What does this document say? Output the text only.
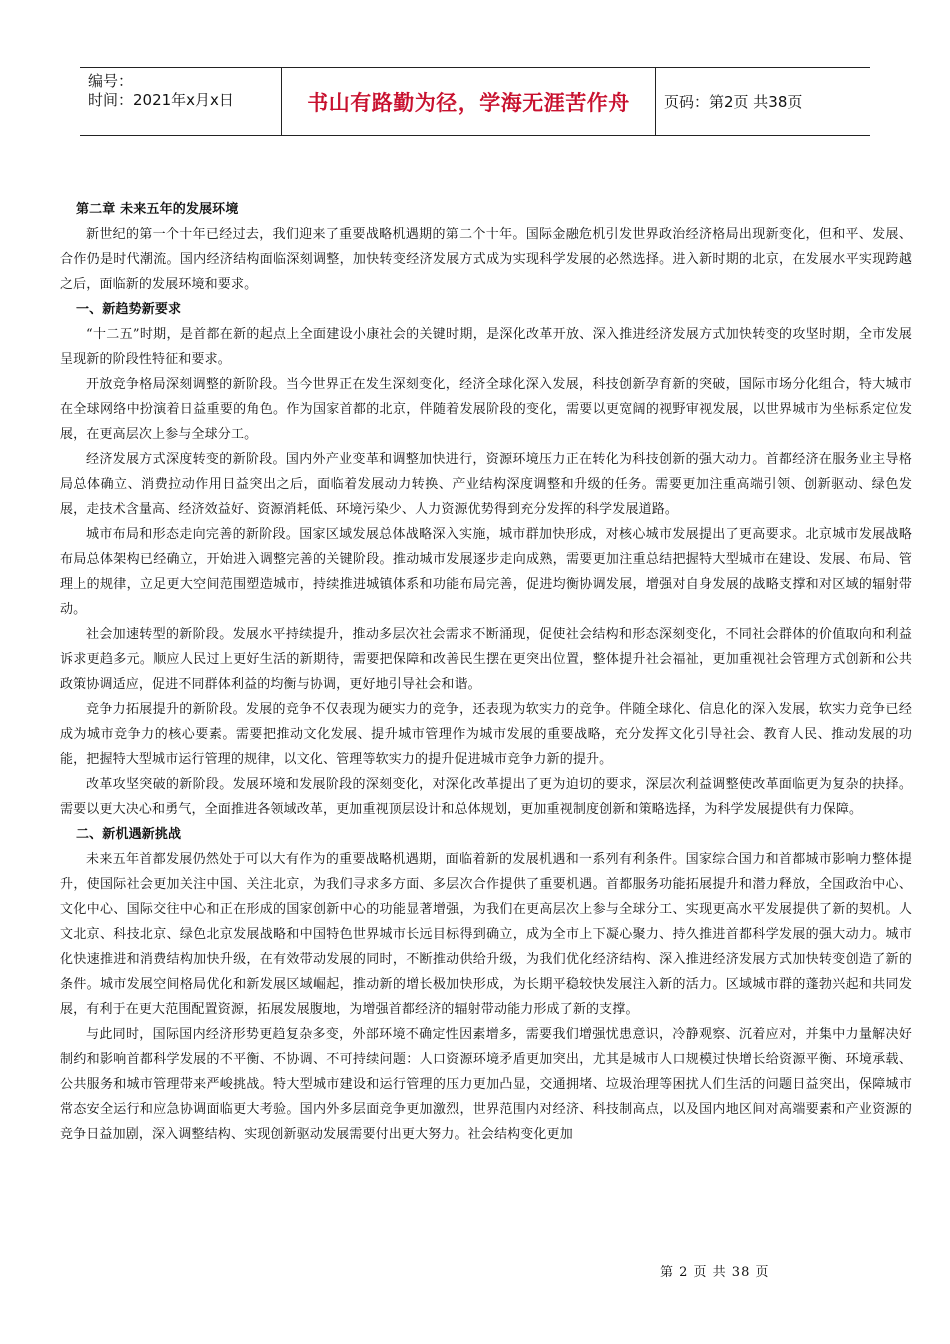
编号：
时间：2021年x月x日	书山有路勤为径，学海无涯苦作舟 页码：第2页 共38页

第二章 未来五年的发展环境

新世纪的第一个十年已经过去，我们迎来了重要战略机遇期的第二个十年。国际金融危机引发世界政治经济格局出现新变化，但和平、发展、合作仍是时代潮流。国内经济结构面临深刻调整，加快转变经济发展方式成为实现科学发展的必然选择。进入新时期的北京，在发展水平实现跨越之后，面临新的发展环境和要求。

一、新趋势新要求

“十二五”时期，是首都在新的起点上全面建设小康社会的关键时期，是深化改革开放、深入推进经济发展方式加快转变的攻坚时期，全市发展呈现新的阶段性特征和要求。

开放竞争格局深刻调整的新阶段。当今世界正在发生深刻变化，经济全球化深入发展，科技创新孕育新的突破，国际市场分化组合，特大城市在全球网络中扮演着日益重要的角色。作为国家首都的北京，伴随着发展阶段的变化，需要以更宽阔的视野审视发展，以世界城市为坐标系定位发展，在更高层次上参与全球分工。

经济发展方式深度转变的新阶段。国内外产业变革和调整加快进行，资源环境压力正在转化为科技创新的强大动力。首都经济在服务业主导格局总体确立、消费拉动作用日益突出之后，面临着发展动力转换、产业结构深度调整和升级的任务。需要更加注重高端引领、创新驱动、绿色发展，走技术含量高、经济效益好、资源消耗低、环境污染少、人力资源优势得到充分发挥的科学发展道路。

城市布局和形态走向完善的新阶段。国家区域发展总体战略深入实施，城市群加快形成，对核心城市发展提出了更高要求。北京城市发展战略布局总体架构已经确立，开始进入调整完善的关键阶段。推动城市发展逐步走向成熟，需要更加注重总结把握特大型城市在建设、发展、布局、管理上的规律，立足更大空间范围塑造城市，持续推进城镇体系和功能布局完善，促进均衡协调发展，增强对自身发展的战略支撑和对区域的辐射带动。

社会加速转型的新阶段。发展水平持续提升，推动多层次社会需求不断涌现，促使社会结构和形态深刻变化，不同社会群体的价值取向和利益诉求更趋多元。顺应人民过上更好生活的新期待，需要把保障和改善民生摆在更突出位置，整体提升社会福祉，更加重视社会管理方式创新和公共政策协调适应，促进不同群体利益的均衡与协调，更好地引导社会和谐。

竞争力拓展提升的新阶段。发展的竞争不仅表现为硬实力的竞争，还表现为软实力的竞争。伴随全球化、信息化的深入发展，软实力竞争已经成为城市竞争力的核心要素。需要把推动文化发展、提升城市管理作为城市发展的重要战略，充分发挥文化引导社会、教育人民、推动发展的功能，把握特大型城市运行管理的规律，以文化、管理等软实力的提升促进城市竞争力新的提升。

改革攻坚突破的新阶段。发展环境和发展阶段的深刻变化，对深化改革提出了更为迫切的要求，深层次利益调整使改革面临更为复杂的抉择。需要以更大决心和勇气，全面推进各领域改革，更加重视顶层设计和总体规划，更加重视制度创新和策略选择，为科学发展提供有力保障。

二、新机遇新挑战

未来五年首都发展仍然处于可以大有作为的重要战略机遇期，面临着新的发展机遇和一系列有利条件。国家综合国力和首都城市影响力整体提升，使国际社会更加关注中国、关注北京，为我们寻求多方面、多层次合作提供了重要机遇。首都服务功能拓展提升和潜力释放，全国政治中心、文化中心、国际交往中心和正在形成的国家创新中心的功能显著增强，为我们在更高层次上参与全球分工、实现更高水平发展提供了新的契机。人文北京、科技北京、绿色北京发展战略和中国特色世界城市长远目标得到确立，成为全市上下凝心聚力、持久推进首都科学发展的强大动力。城市化快速推进和消费结构加快升级，在有效带动发展的同时，不断推动供给升级，为我们优化经济结构、深入推进经济发展方式加快转变创造了新的条件。城市发展空间格局优化和新发展区域崛起，推动新的增长极加快形成，为长期平稳较快发展注入新的活力。区域城市群的蓬勃兴起和共同发展，有利于在更大范围配置资源，拓展发展腹地，为增强首都经济的辐射带动能力形成了新的支撑。

与此同时，国际国内经济形势更趋复杂多变，外部环境不确定性因素增多，需要我们增强忧患意识，冷静观察、沉着应对，并集中力量解决好制约和影响首都科学发展的不平衡、不协调、不可持续问题：人口资源环境矛盾更加突出，尤其是城市人口规模过快增长给资源平衡、环境承载、公共服务和城市管理带来严峻挑战。特大型城市建设和运行管理的压力更加凸显，交通拥堵、垃圾治理等困扰人们生活的问题日益突出，保障城市常态安全运行和应急协调面临更大考验。国内外多层面竞争更加激烈，世界范围内对经济、科技制高点，以及国内地区间对高端要素和产业资源的竞争日益加剧，深入调整结构、实现创新驱动发展需要付出更大努力。社会结构变化更加

第 2 页 共 38 页
